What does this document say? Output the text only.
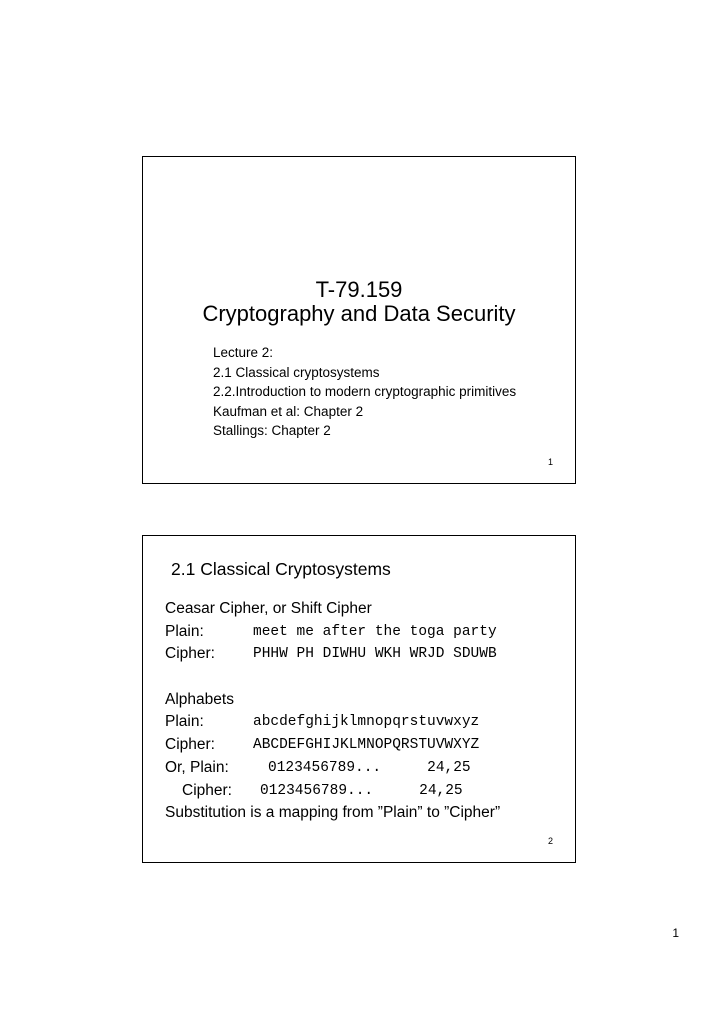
T-79.159
Cryptography and Data Security
Lecture 2:
2.1 Classical cryptosystems
2.2.Introduction to modern cryptographic primitives
Kaufman et al: Chapter 2
Stallings: Chapter 2
1
2.1 Classical Cryptosystems
Ceasar Cipher, or Shift Cipher
Plain:	meet me after the toga party
Cipher:	PHHW PH DIWHU WKH WRJD SDUWB
Alphabets
Plain:	abcdefghijklmnopqrstuvwxyz
Cipher:	ABCDEFGHIJKLMNOPQRSTUVWXYZ
Or, Plain:	0123456789...	24,25
Cipher:	0123456789...	24,25
Substitution is a mapping from ”Plain” to ”Cipher”
2
1
